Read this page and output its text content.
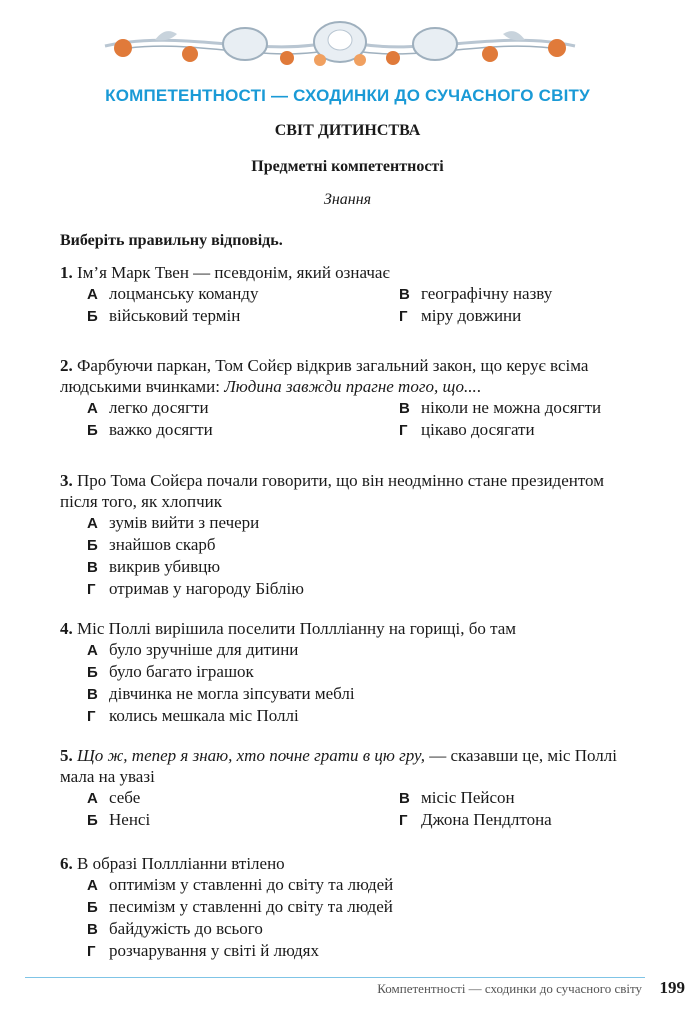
КОМПЕТЕНТНОСТІ — СХОДИНКИ ДО СУЧАСНОГО СВІТУ
СВІТ ДИТИНСТВА
Предметні компетентності
Знання
Виберіть правильну відповідь.
1. Ім’я Марк Твен — псевдонім, який означає
А лоцманську команду	В географічну назву
Б військовий термін	Г міру довжини
2. Фарбуючи паркан, Том Сойєр відкрив загальний закон, що керує всіма людськими вчинками: Людина завжди прагне того, що....
А легко досягти	В ніколи не можна досягти
Б важко досягти	Г цікаво досягати
3. Про Тома Сойєра почали говорити, що він неодмінно стане президентом після того, як хлопчик
А зумів вийти з печери
Б знайшов скарб
В викрив убивцю
Г отримав у нагороду Біблію
4. Міс Поллі вирішила поселити Поллліанну на горищі, бо там
А було зручніше для дитини
Б було багато іграшок
В дівчинка не могла зіпсувати меблі
Г колись мешкала міс Поллі
5. Що ж, тепер я знаю, хто почне грати в цю гру, — сказавши це, міс Поллі мала на увазі
А себе	В місіс Пейсон
Б Ненсі	Г Джона Пендлтона
6. В образі Поллліанни втілено
А оптимізм у ставленні до світу та людей
Б песимізм у ставленні до світу та людей
В байдужість до всього
Г розчарування у світі й людях
Компетентності — сходинки до сучасного світу 199
